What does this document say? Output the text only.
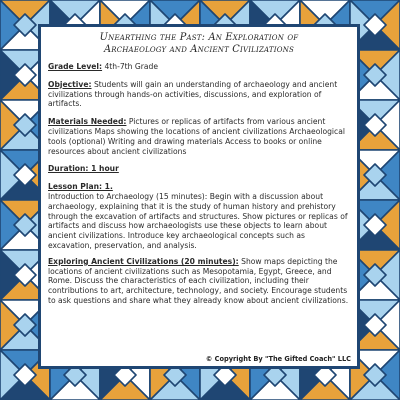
Unearthing the Past: An Exploration of
Archaeology and Ancient Civilizations
Grade Level: 4th-7th Grade
Objective: Students will gain an understanding of archaeology and ancient civilizations through hands-on activities, discussions, and exploration of artifacts.
Materials Needed: Pictures or replicas of artifacts from various ancient civilizations Maps showing the locations of ancient civilizations Archaeological tools (optional) Writing and drawing materials Access to books or online resources about ancient civilizations
Duration: 1 hour
Lesson Plan: 1.
Introduction to Archaeology (15 minutes): Begin with a discussion about archaeology, explaining that it is the study of human history and prehistory through the excavation of artifacts and structures. Show pictures or replicas of artifacts and discuss how archaeologists use these objects to learn about ancient civilizations. Introduce key archaeological concepts such as excavation, preservation, and analysis.
Exploring Ancient Civilizations (20 minutes): Show maps depicting the locations of ancient civilizations such as Mesopotamia, Egypt, Greece, and Rome. Discuss the characteristics of each civilization, including their contributions to art, architecture, technology, and society. Encourage students to ask questions and share what they already know about ancient civilizations.
© Copyright By "The Gifted Coach" LLC
